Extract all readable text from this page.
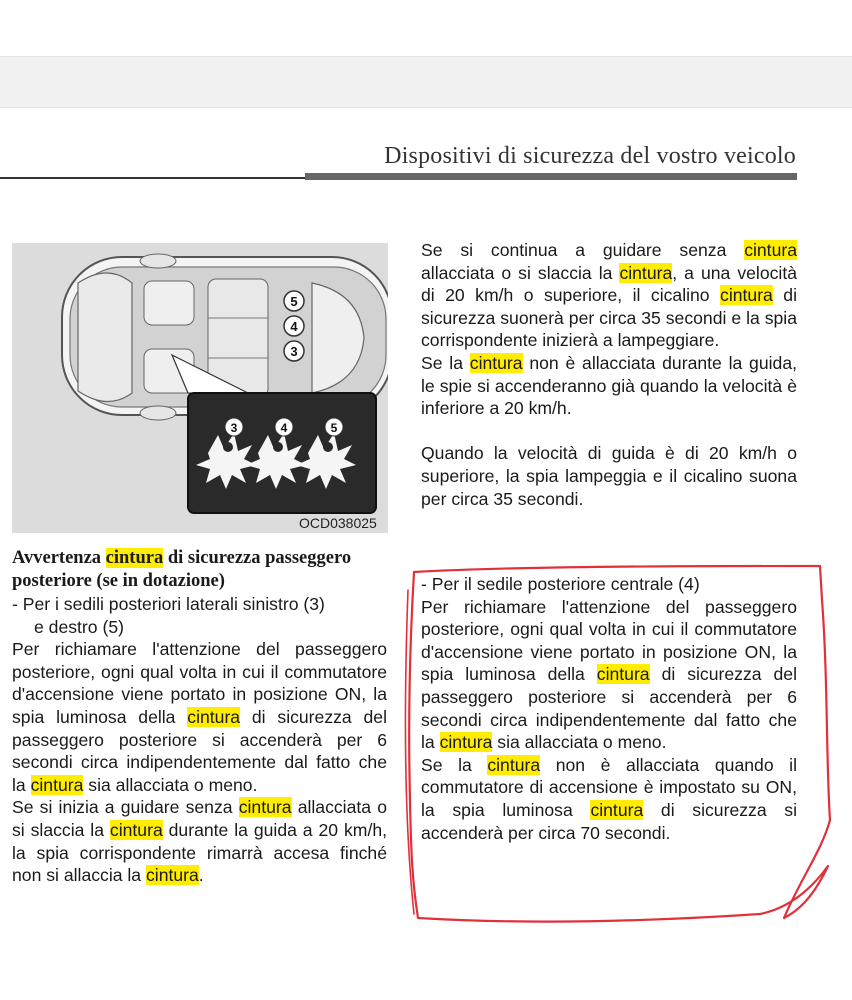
Dispositivi di sicurezza del vostro veicolo
5
4
3
3	4	5
OCD038025

Se si continua a guidare senza cintura allacciata o si slaccia la cintura, a una velocità di 20 km/h o superiore, il cicalino cintura di sicurezza suonerà per circa 35 secondi e la spia corrispondente inizierà a lampeggiare.

Se la cintura non è allacciata durante la guida, le spie si accenderanno già quando la velocità è inferiore a 20 km/h.

Quando la velocità di guida è di 20 km/h o superiore, la spia lampeggia e il cicalino suona per circa 35 secondi.

Avvertenza cintura di sicurezza passeggero posteriore (se in dotazione)

- Per i sedili posteriori laterali sinistro (3)
e destro (5)

Per richiamare l'attenzione del passeggero posteriore, ogni qual volta in cui il commutatore d'accensione viene portato in posizione ON, la spia luminosa della cintura di sicurezza del passeggero posteriore si accenderà per 6 secondi circa indipendentemente dal fatto che la cintura sia allacciata o meno.

Se si inizia a guidare senza cintura allacciata o si slaccia la cintura durante la guida a 20 km/h, la spia corrispondente rimarrà accesa finché non si allaccia la cintura.

- Per il sedile posteriore centrale (4)

Per richiamare l'attenzione del passeggero posteriore, ogni qual volta in cui il commutatore d'accensione viene portato in posizione ON, la spia luminosa della cintura di sicurezza del passeggero posteriore si accenderà per 6 secondi circa indipendentemente dal fatto che la cintura sia allacciata o meno.

Se la cintura non è allacciata quando il commutatore di accensione è impostato su ON, la spia luminosa cintura di sicurezza si accenderà per circa 70 secondi.
